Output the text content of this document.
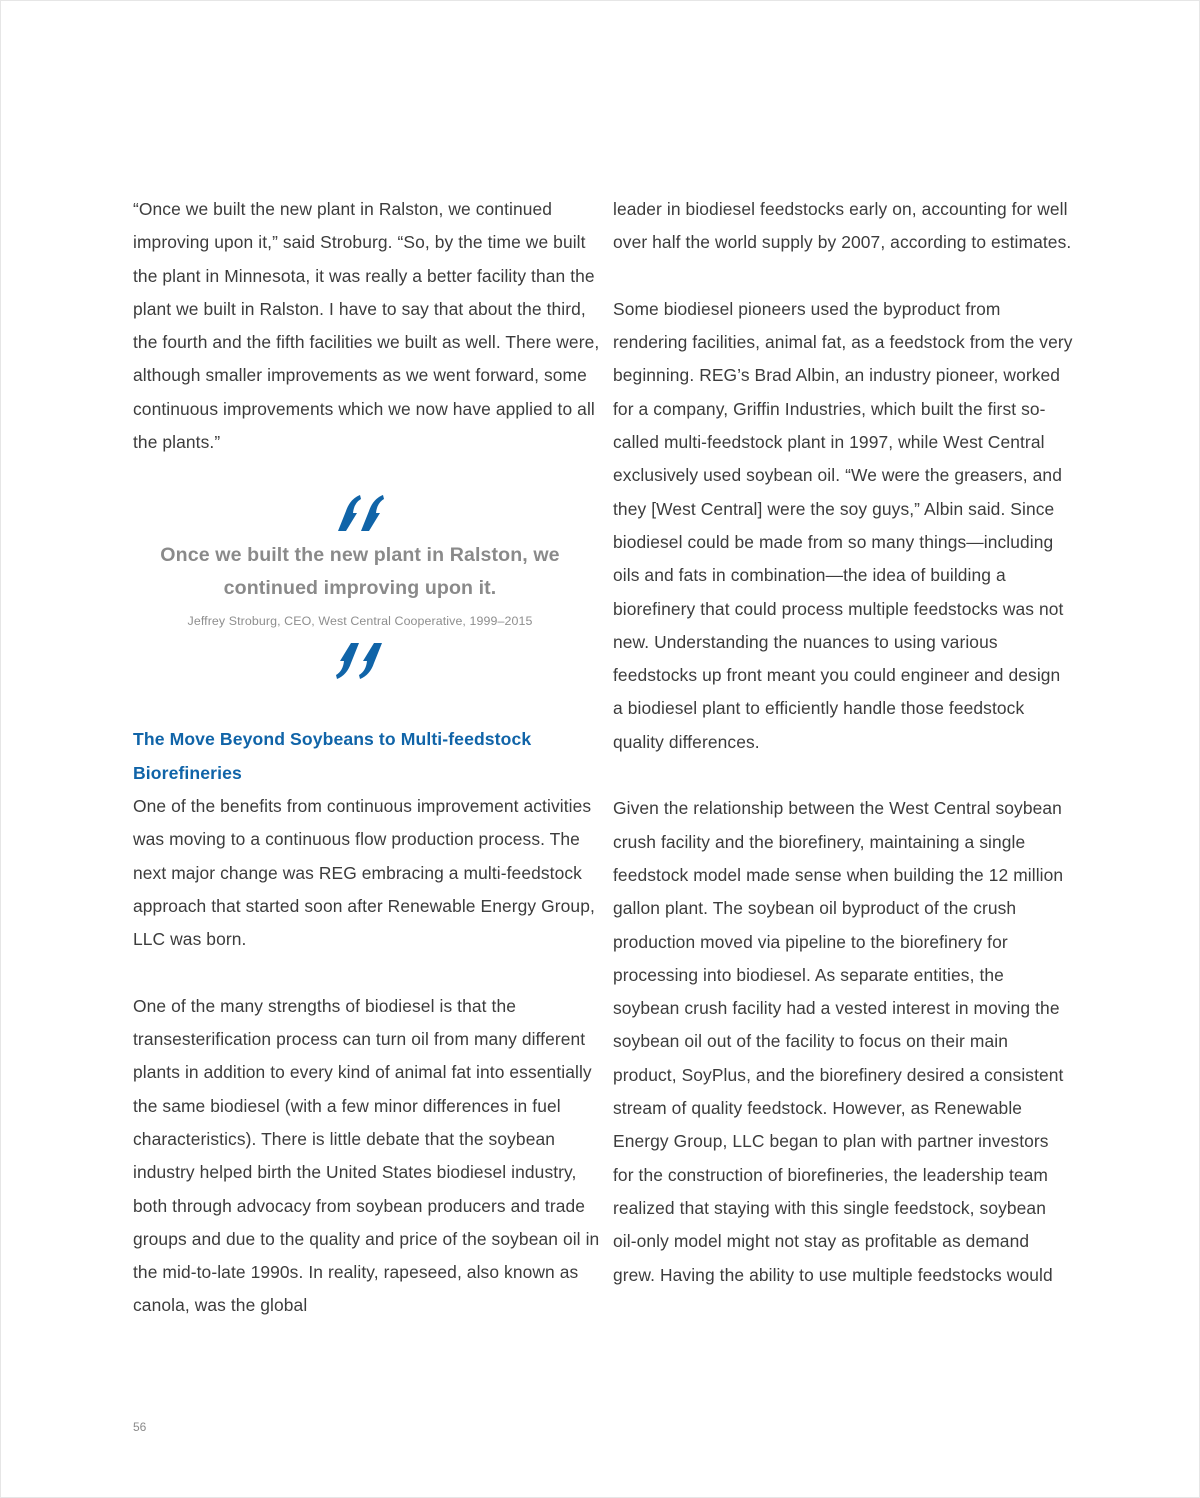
“Once we built the new plant in Ralston, we continued improving upon it,” said Stroburg. “So, by the time we built the plant in Minnesota, it was really a better facility than the plant we built in Ralston. I have to say that about the third, the fourth and the fifth facilities we built as well. There were, although smaller improvements as we went forward, some continuous improvements which we now have applied to all the plants.”

Once we built the new plant in Ralston, we continued improving upon it.
Jeffrey Stroburg, CEO, West Central Cooperative, 1999–2015
The Move Beyond Soybeans to Multi-feedstock Biorefineries

One of the benefits from continuous improvement activities was moving to a continuous flow production process. The next major change was REG embracing a multi-feedstock approach that started soon after Renewable Energy Group, LLC was born.

One of the many strengths of biodiesel is that the transesterification process can turn oil from many different plants in addition to every kind of animal fat into essentially the same biodiesel (with a few minor differences in fuel characteristics). There is little debate that the soybean industry helped birth the United States biodiesel industry, both through advocacy from soybean producers and trade groups and due to the quality and price of the soybean oil in the mid-to-late 1990s. In reality, rapeseed, also known as canola, was the global

leader in biodiesel feedstocks early on, accounting for well over half the world supply by 2007, according to estimates.

Some biodiesel pioneers used the byproduct from rendering facilities, animal fat, as a feedstock from the very beginning. REG’s Brad Albin, an industry pioneer, worked for a company, Griffin Industries, which built the first so-called multi-feedstock plant in 1997, while West Central exclusively used soybean oil. “We were the greasers, and they [West Central] were the soy guys,” Albin said. Since biodiesel could be made from so many things—including oils and fats in combination—the idea of building a biorefinery that could process multiple feedstocks was not new. Understanding the nuances to using various feedstocks up front meant you could engineer and design a biodiesel plant to efficiently handle those feedstock quality differences.

Given the relationship between the West Central soybean crush facility and the biorefinery, maintaining a single feedstock model made sense when building the 12 million gallon plant. The soybean oil byproduct of the crush production moved via pipeline to the biorefinery for processing into biodiesel. As separate entities, the soybean crush facility had a vested interest in moving the soybean oil out of the facility to focus on their main product, SoyPlus, and the biorefinery desired a consistent stream of quality feedstock. However, as Renewable Energy Group, LLC began to plan with partner investors for the construction of biorefineries, the leadership team realized that staying with this single feedstock, soybean oil-only model might not stay as profitable as demand grew. Having the ability to use multiple feedstocks would

56
